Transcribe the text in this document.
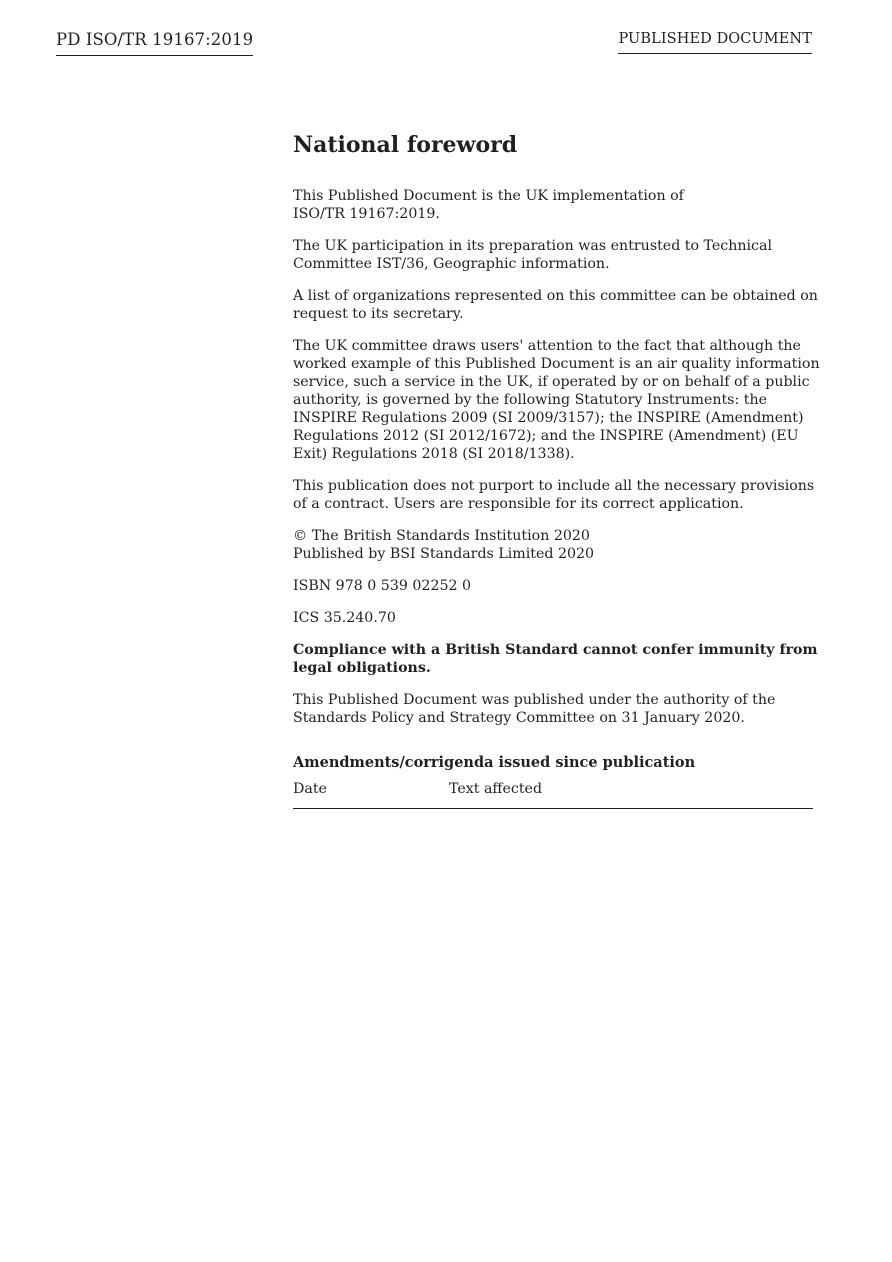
PD ISO/TR 19167:2019	PUBLISHED DOCUMENT
National foreword

This Published Document is the UK implementation of
ISO/TR 19167:2019.

The UK participation in its preparation was entrusted to Technical
Committee IST/36, Geographic information.

A list of organizations represented on this committee can be obtained on
request to its secretary.

The UK committee draws users' attention to the fact that although the
worked example of this Published Document is an air quality information
service, such a service in the UK, if operated by or on behalf of a public
authority, is governed by the following Statutory Instruments: the
INSPIRE Regulations 2009 (SI 2009/3157); the INSPIRE (Amendment)
Regulations 2012 (SI 2012/1672); and the INSPIRE (Amendment) (EU
Exit) Regulations 2018 (SI 2018/1338).

This publication does not purport to include all the necessary provisions
of a contract. Users are responsible for its correct application.

© The British Standards Institution 2020
Published by BSI Standards Limited 2020

ISBN 978 0 539 02252 0

ICS 35.240.70

Compliance with a British Standard cannot confer immunity from
legal obligations.

This Published Document was published under the authority of the
Standards Policy and Strategy Committee on 31 January 2020.

Amendments/corrigenda issued since publication
Date	Text affected
